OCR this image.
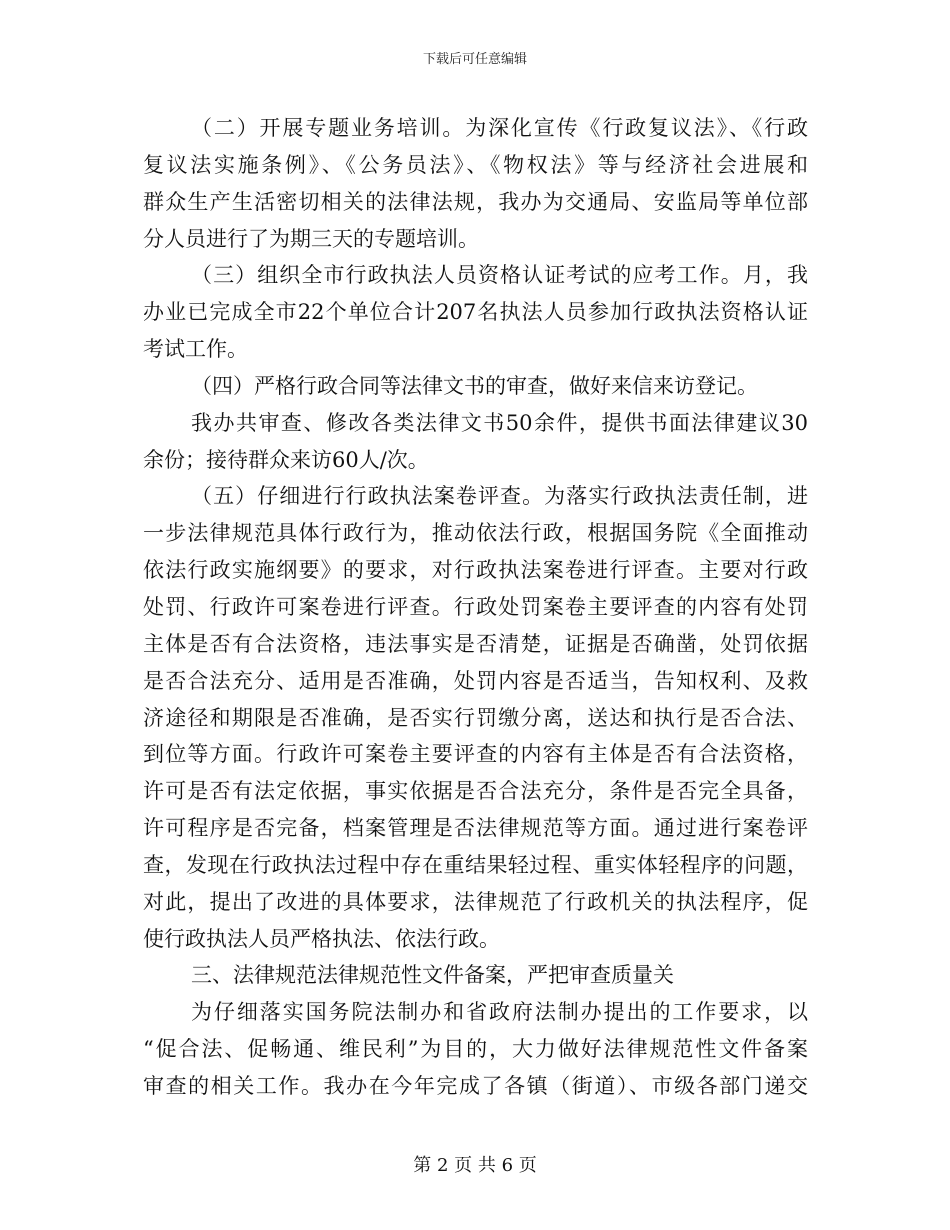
下载后可任意编辑
（二）开展专题业务培训。为深化宣传《行政复议法》、《行政
复议法实施条例》、《公务员法》、《物权法》等与经济社会进展和
群众生产生活密切相关的法律法规，我办为交通局、安监局等单位部
分人员进行了为期三天的专题培训。
（三）组织全市行政执法人员资格认证考试的应考工作。月，我
办业已完成全市22个单位合计207名执法人员参加行政执法资格认证
考试工作。
（四）严格行政合同等法律文书的审查，做好来信来访登记。
我办共审查、修改各类法律文书50余件，提供书面法律建议30
余份；接待群众来访60人/次。
（五）仔细进行行政执法案卷评查。为落实行政执法责任制，进
一步法律规范具体行政行为，推动依法行政，根据国务院《全面推动
依法行政实施纲要》的要求，对行政执法案卷进行评查。主要对行政
处罚、行政许可案卷进行评查。行政处罚案卷主要评查的内容有处罚
主体是否有合法资格，违法事实是否清楚，证据是否确凿，处罚依据
是否合法充分、适用是否准确，处罚内容是否适当，告知权利、及救
济途径和期限是否准确，是否实行罚缴分离，送达和执行是否合法、
到位等方面。行政许可案卷主要评查的内容有主体是否有合法资格，
许可是否有法定依据，事实依据是否合法充分，条件是否完全具备，
许可程序是否完备，档案管理是否法律规范等方面。通过进行案卷评
查，发现在行政执法过程中存在重结果轻过程、重实体轻程序的问题，
对此，提出了改进的具体要求，法律规范了行政机关的执法程序，促
使行政执法人员严格执法、依法行政。
三、法律规范法律规范性文件备案，严把审查质量关
为仔细落实国务院法制办和省政府法制办提出的工作要求，以
“促合法、促畅通、维民利”为目的，大力做好法律规范性文件备案
审查的相关工作。我办在今年完成了各镇（街道）、市级各部门递交
第 2 页 共 6 页
